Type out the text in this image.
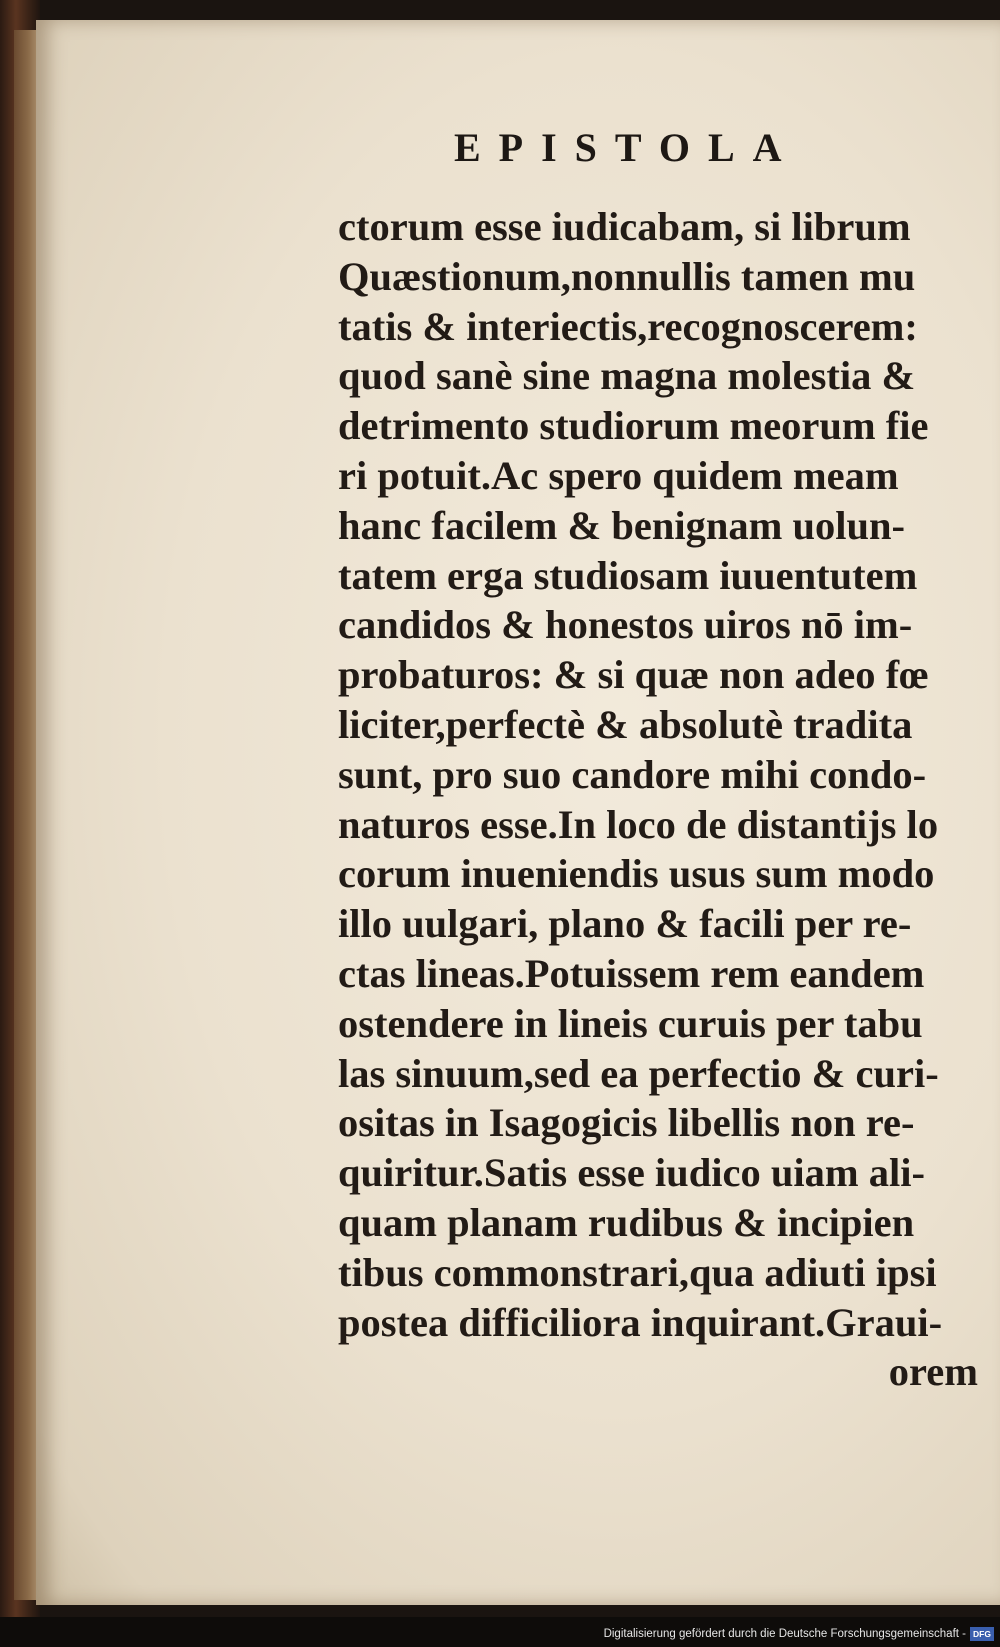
EPISTOLA
ctorum esse iudicabam, si librum
Quæstionum,nonnullis tamen mu
tatis & interiectis,recognoscerem:
quod sanè sine magna molestia &
detrimento studiorum meorum fie
ri potuit.Ac spero quidem meam
hanc facilem & benignam uolun-
tatem erga studiosam iuuentutem
candidos & honestos uiros nō im-
probaturos: & si quæ non adeo fœ
liciter,perfectè & absolutè tradita
sunt, pro suo candore mihi condo-
naturos esse.In loco de distantijs lo
corum inueniendis usus sum modo
illo uulgari, plano & facili per re-
ctas lineas.Potuissem rem eandem
ostendere in lineis curuis per tabu
las sinuum,sed ea perfectio & curi-
ositas in Isagogicis libellis non re-
quiritur.Satis esse iudico uiam ali-
quam planam rudibus & incipien
tibus commonstrari,qua adiuti ipsi
postea difficiliora inquirant.Graui-
orem
Digitalisierung gefördert durch die Deutsche Forschungsgemeinschaft - DFG
